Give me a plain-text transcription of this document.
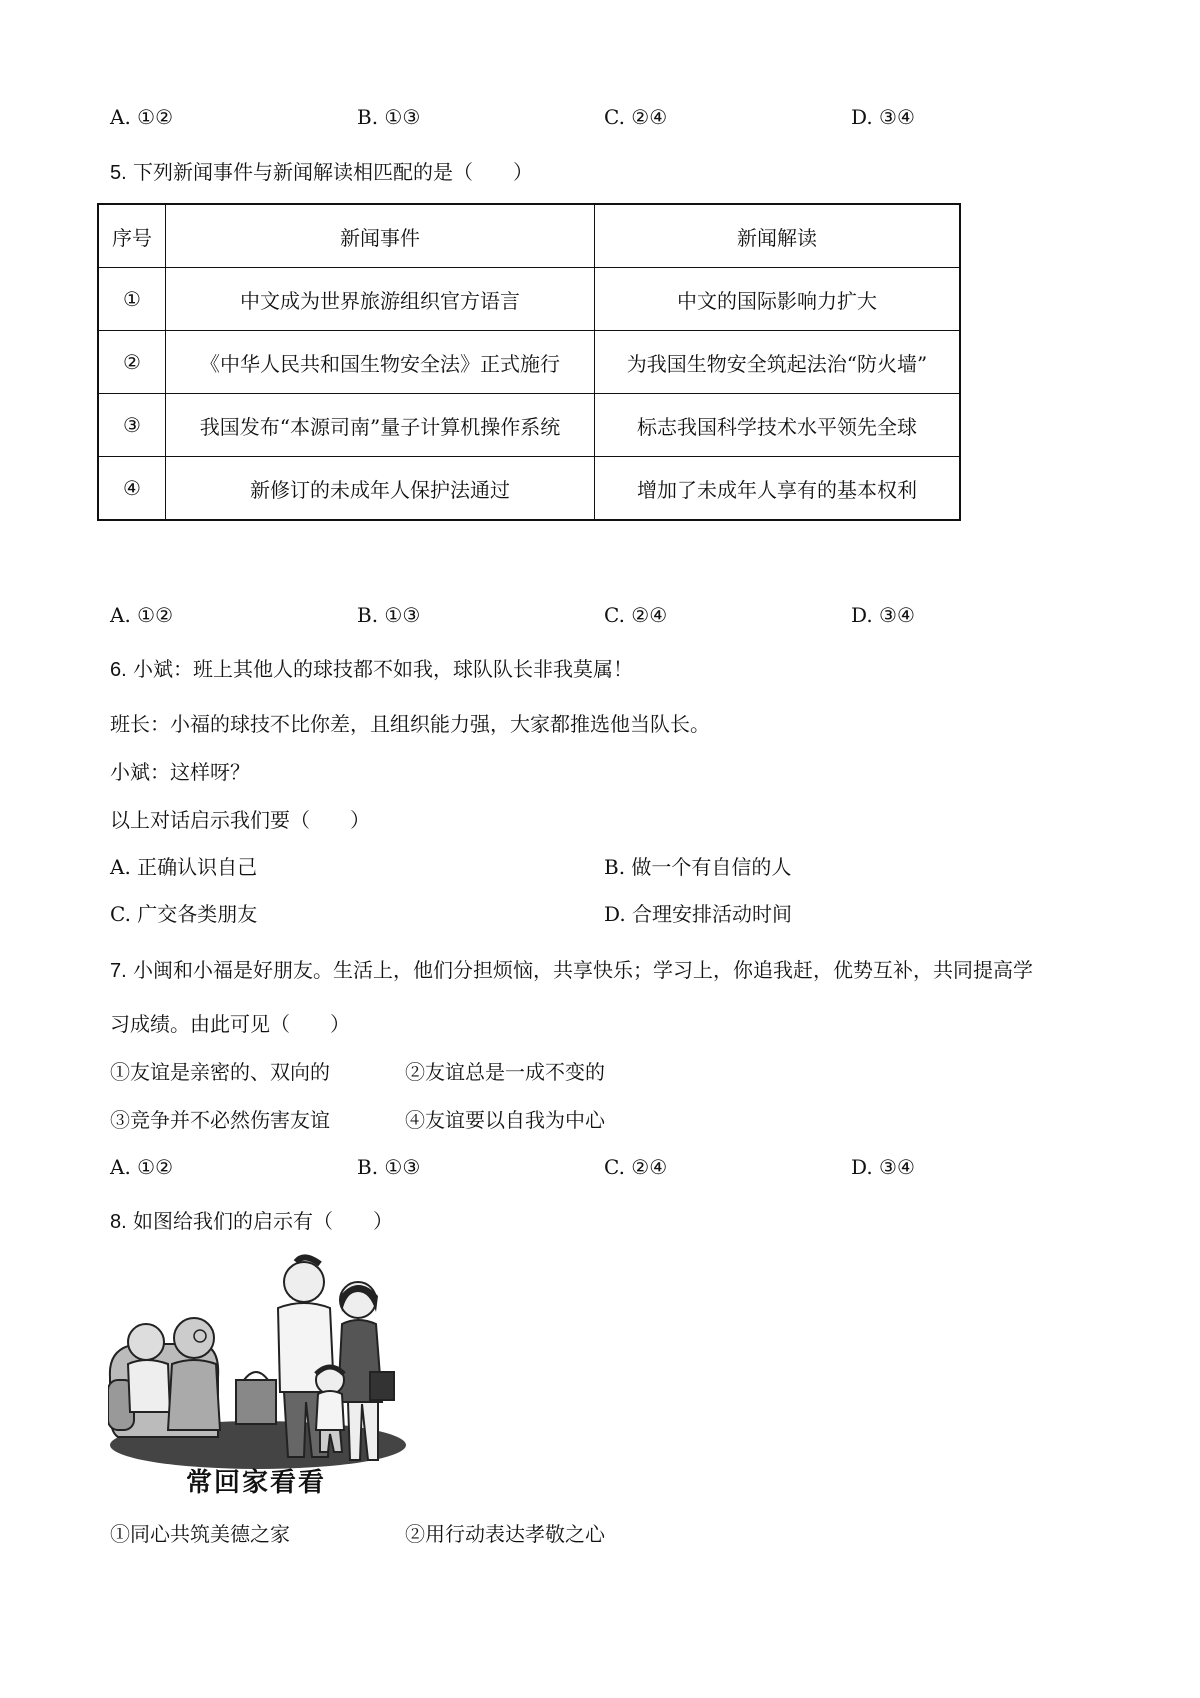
A. ①②	B. ①③	C. ②④	D. ③④
5. 下列新闻事件与新闻解读相匹配的是（　　）
序号	新闻事件	新闻解读
①	中文成为世界旅游组织官方语言	中文的国际影响力扩大
②	《中华人民共和国生物安全法》正式施行	为我国生物安全筑起法治“防火墙”
③	我国发布“本源司南”量子计算机操作系统	标志我国科学技术水平领先全球
④	新修订的未成年人保护法通过	增加了未成年人享有的基本权利
A. ①②	B. ①③	C. ②④	D. ③④
6. 小斌：班上其他人的球技都不如我，球队队长非我莫属！
班长：小福的球技不比你差，且组织能力强，大家都推选他当队长。
小斌：这样呀？
以上对话启示我们要（　　）
A. 正确认识自己	B. 做一个有自信的人
C. 广交各类朋友	D. 合理安排活动时间
7. 小闽和小福是好朋友。生活上，他们分担烦恼，共享快乐；学习上，你追我赶，优势互补，共同提高学
习成绩。由此可见（　　）
①友谊是亲密的、双向的	②友谊总是一成不变的
③竞争并不必然伤害友谊	④友谊要以自我为中心
A. ①②	B. ①③	C. ②④	D. ③④
8. 如图给我们的启示有（　　）
常回家看看
①同心共筑美德之家	②用行动表达孝敬之心
